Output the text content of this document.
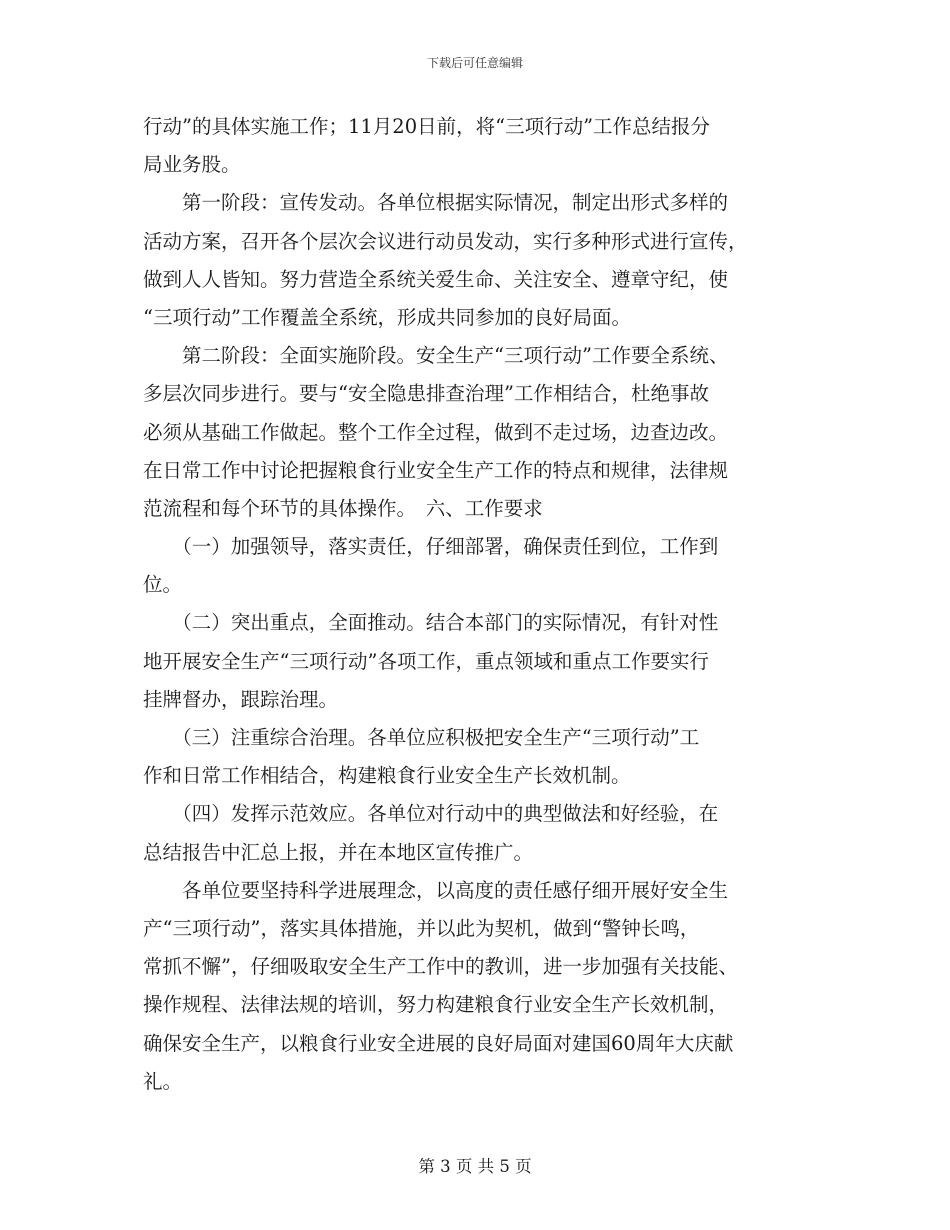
下载后可任意编辑
行动”的具体实施工作；11月20日前，将“三项行动”工作总结报分
局业务股。
　　第一阶段：宣传发动。各单位根据实际情况，制定出形式多样的
活动方案，召开各个层次会议进行动员发动，实行多种形式进行宣传，
做到人人皆知。努力营造全系统关爱生命、关注安全、遵章守纪，使
“三项行动”工作覆盖全系统，形成共同参加的良好局面。
　　第二阶段：全面实施阶段。安全生产“三项行动”工作要全系统、
多层次同步进行。要与“安全隐患排查治理”工作相结合，杜绝事故
必须从基础工作做起。整个工作全过程，做到不走过场，边查边改。
在日常工作中讨论把握粮食行业安全生产工作的特点和规律，法律规
范流程和每个环节的具体操作。　六、工作要求
　　（一）加强领导，落实责任，仔细部署，确保责任到位，工作到
位。
　　（二）突出重点，全面推动。结合本部门的实际情况，有针对性
地开展安全生产“三项行动”各项工作，重点领域和重点工作要实行
挂牌督办，跟踪治理。
　　（三）注重综合治理。各单位应积极把安全生产“三项行动”工
作和日常工作相结合，构建粮食行业安全生产长效机制。
　　（四）发挥示范效应。各单位对行动中的典型做法和好经验，在
总结报告中汇总上报，并在本地区宣传推广。
　　各单位要坚持科学进展理念，以高度的责任感仔细开展好安全生
产“三项行动”，落实具体措施，并以此为契机，做到“警钟长鸣，
常抓不懈”，仔细吸取安全生产工作中的教训，进一步加强有关技能、
操作规程、法律法规的培训，努力构建粮食行业安全生产长效机制，
确保安全生产，以粮食行业安全进展的良好局面对建国60周年大庆献
礼。
第 3 页 共 5 页
